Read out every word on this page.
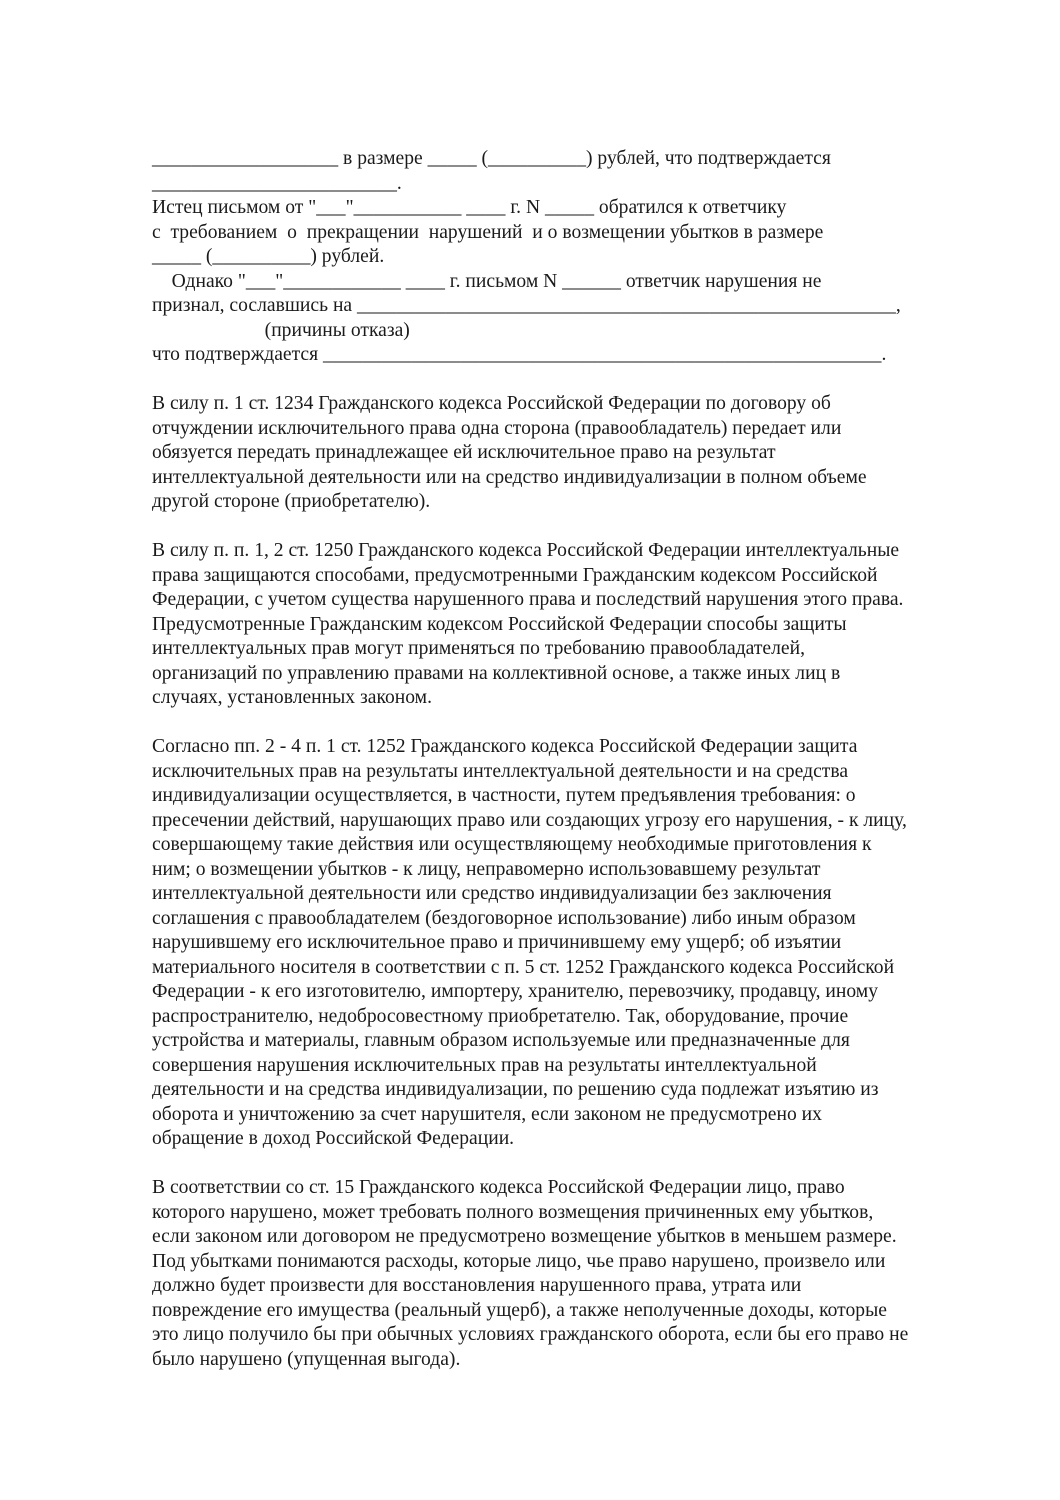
___________________ в размере _____ (__________) рублей, что подтверждается
_________________________.
Истец письмом от "___"___________ ____ г. N _____ обратился к ответчику
с  требованием  о  прекращении  нарушений  и о возмещении убытков в размере
_____ (__________) рублей.
Однако "___"____________ ____ г. письмом N ______ ответчик нарушения не
признал, сославшись на _______________________________________________________,
(причины отказа)
что подтверждается _________________________________________________________.
В силу п. 1 ст. 1234 Гражданского кодекса Российской Федерации по договору об
отчуждении исключительного права одна сторона (правообладатель) передает или
обязуется передать принадлежащее ей исключительное право на результат
интеллектуальной деятельности или на средство индивидуализации в полном объеме
другой стороне (приобретателю).
В силу п. п. 1, 2 ст. 1250 Гражданского кодекса Российской Федерации интеллектуальные
права защищаются способами, предусмотренными Гражданским кодексом Российской
Федерации, с учетом существа нарушенного права и последствий нарушения этого права.
Предусмотренные Гражданским кодексом Российской Федерации способы защиты
интеллектуальных прав могут применяться по требованию правообладателей,
организаций по управлению правами на коллективной основе, а также иных лиц в
случаях, установленных законом.
Согласно пп. 2 - 4 п. 1 ст. 1252 Гражданского кодекса Российской Федерации защита
исключительных прав на результаты интеллектуальной деятельности и на средства
индивидуализации осуществляется, в частности, путем предъявления требования: о
пресечении действий, нарушающих право или создающих угрозу его нарушения, - к лицу,
совершающему такие действия или осуществляющему необходимые приготовления к
ним; о возмещении убытков - к лицу, неправомерно использовавшему результат
интеллектуальной деятельности или средство индивидуализации без заключения
соглашения с правообладателем (бездоговорное использование) либо иным образом
нарушившему его исключительное право и причинившему ему ущерб; об изъятии
материального носителя в соответствии с п. 5 ст. 1252 Гражданского кодекса Российской
Федерации - к его изготовителю, импортеру, хранителю, перевозчику, продавцу, иному
распространителю, недобросовестному приобретателю. Так, оборудование, прочие
устройства и материалы, главным образом используемые или предназначенные для
совершения нарушения исключительных прав на результаты интеллектуальной
деятельности и на средства индивидуализации, по решению суда подлежат изъятию из
оборота и уничтожению за счет нарушителя, если законом не предусмотрено их
обращение в доход Российской Федерации.
В соответствии со ст. 15 Гражданского кодекса Российской Федерации лицо, право
которого нарушено, может требовать полного возмещения причиненных ему убытков,
если законом или договором не предусмотрено возмещение убытков в меньшем размере.
Под убытками понимаются расходы, которые лицо, чье право нарушено, произвело или
должно будет произвести для восстановления нарушенного права, утрата или
повреждение его имущества (реальный ущерб), а также неполученные доходы, которые
это лицо получило бы при обычных условиях гражданского оборота, если бы его право не
было нарушено (упущенная выгода).
